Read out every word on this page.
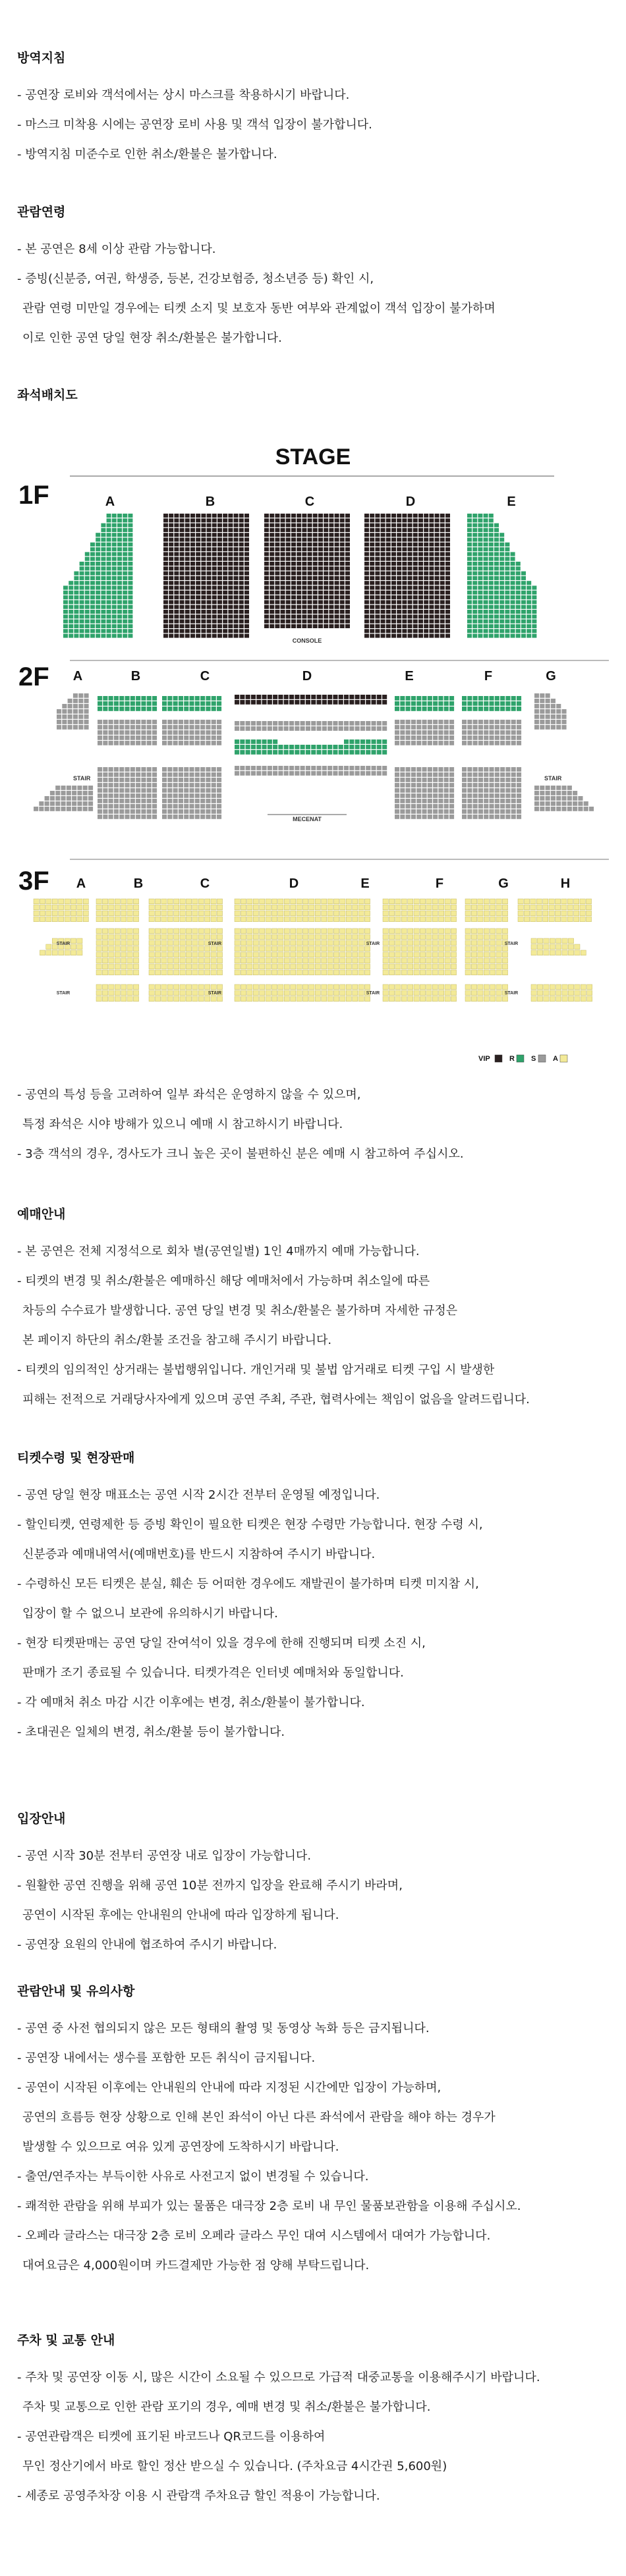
방역지침
- 공연장 로비와 객석에서는 상시 마스크를 착용하시기 바랍니다.
- 마스크 미착용 시에는 공연장 로비 사용 및 객석 입장이 불가합니다.
- 방역지침 미준수로 인한 취소/환불은 불가합니다.
관람연령
- 본 공연은 8세 이상 관람 가능합니다.
- 증빙(신분증, 여권, 학생증, 등본, 건강보험증, 청소년증 등) 확인 시,
관람 연령 미만일 경우에는 티켓 소지 및 보호자 동반 여부와 관계없이 객석 입장이 불가하며
이로 인한 공연 당일 현장 취소/환불은 불가합니다.
좌석배치도
STAGE
1F	A	B	C	D	E
CONSOLE
2F A	B	C	D	E	F	G
STAIR	STAIR
MECENAT
3F A	B	C	D	E	F	G	H
STAIR	STAIR	STAIR	STAIR
STAIR	STAIR	STAIR	STAIR
VIP	R S A
- 공연의 특성 등을 고려하여 일부 좌석은 운영하지 않을 수 있으며,
특정 좌석은 시야 방해가 있으니 예매 시 참고하시기 바랍니다.
- 3층 객석의 경우, 경사도가 크니 높은 곳이 불편하신 분은 예매 시 참고하여 주십시오.
예매안내
- 본 공연은 전체 지정석으로 회차 별(공연일별) 1인 4매까지 예매 가능합니다.
- 티켓의 변경 및 취소/환불은 예매하신 해당 예매처에서 가능하며 취소일에 따른
차등의 수수료가 발생합니다. 공연 당일 변경 및 취소/환불은 불가하며 자세한 규정은
본 페이지 하단의 취소/환불 조건을 참고해 주시기 바랍니다.
- 티켓의 임의적인 상거래는 불법행위입니다. 개인거래 및 불법 암거래로 티켓 구입 시 발생한
피해는 전적으로 거래당사자에게 있으며 공연 주최, 주관, 협력사에는 책임이 없음을 알려드립니다.
티켓수령 및 현장판매
- 공연 당일 현장 매표소는 공연 시작 2시간 전부터 운영될 예정입니다.
- 할인티켓, 연령제한 등 증빙 확인이 필요한 티켓은 현장 수령만 가능합니다. 현장 수령 시,
신분증과 예매내역서(예매번호)를 반드시 지참하여 주시기 바랍니다.
- 수령하신 모든 티켓은 분실, 훼손 등 어떠한 경우에도 재발권이 불가하며 티켓 미지참 시,
입장이 할 수 없으니 보관에 유의하시기 바랍니다.
- 현장 티켓판매는 공연 당일 잔여석이 있을 경우에 한해 진행되며 티켓 소진 시,
판매가 조기 종료될 수 있습니다. 티켓가격은 인터넷 예매처와 동일합니다.
- 각 예매처 취소 마감 시간 이후에는 변경, 취소/환불이 불가합니다.
- 초대권은 일체의 변경, 취소/환불 등이 불가합니다.
입장안내
- 공연 시작 30분 전부터 공연장 내로 입장이 가능합니다.
- 원활한 공연 진행을 위해 공연 10분 전까지 입장을 완료해 주시기 바라며,
공연이 시작된 후에는 안내원의 안내에 따라 입장하게 됩니다.
- 공연장 요원의 안내에 협조하여 주시기 바랍니다.
관람안내 및 유의사항
- 공연 중 사전 협의되지 않은 모든 형태의 촬영 및 동영상 녹화 등은 금지됩니다.
- 공연장 내에서는 생수를 포함한 모든 취식이 금지됩니다.
- 공연이 시작된 이후에는 안내원의 안내에 따라 지정된 시간에만 입장이 가능하며,
공연의 흐름등 현장 상황으로 인해 본인 좌석이 아닌 다른 좌석에서 관람을 해야 하는 경우가
발생할 수 있으므로 여유 있게 공연장에 도착하시기 바랍니다.
- 출연/연주자는 부득이한 사유로 사전고지 없이 변경될 수 있습니다.
- 쾌적한 관람을 위해 부피가 있는 물품은 대극장 2층 로비 내 무인 물품보관함을 이용해 주십시오.
- 오페라 글라스는 대극장 2층 로비 오페라 글라스 무인 대여 시스템에서 대여가 가능합니다.
대여요금은 4,000원이며 카드결제만 가능한 점 양해 부탁드립니다.
주차 및 교통 안내
- 주차 및 공연장 이동 시, 많은 시간이 소요될 수 있으므로 가급적 대중교통을 이용해주시기 바랍니다.
주차 및 교통으로 인한 관람 포기의 경우, 예매 변경 및 취소/환불은 불가합니다.
- 공연관람객은 티켓에 표기된 바코드나 QR코드를 이용하여
무인 정산기에서 바로 할인 정산 받으실 수 있습니다. (주차요금 4시간권 5,600원)
- 세종로 공영주차장 이용 시 관람객 주차요금 할인 적용이 가능합니다.
